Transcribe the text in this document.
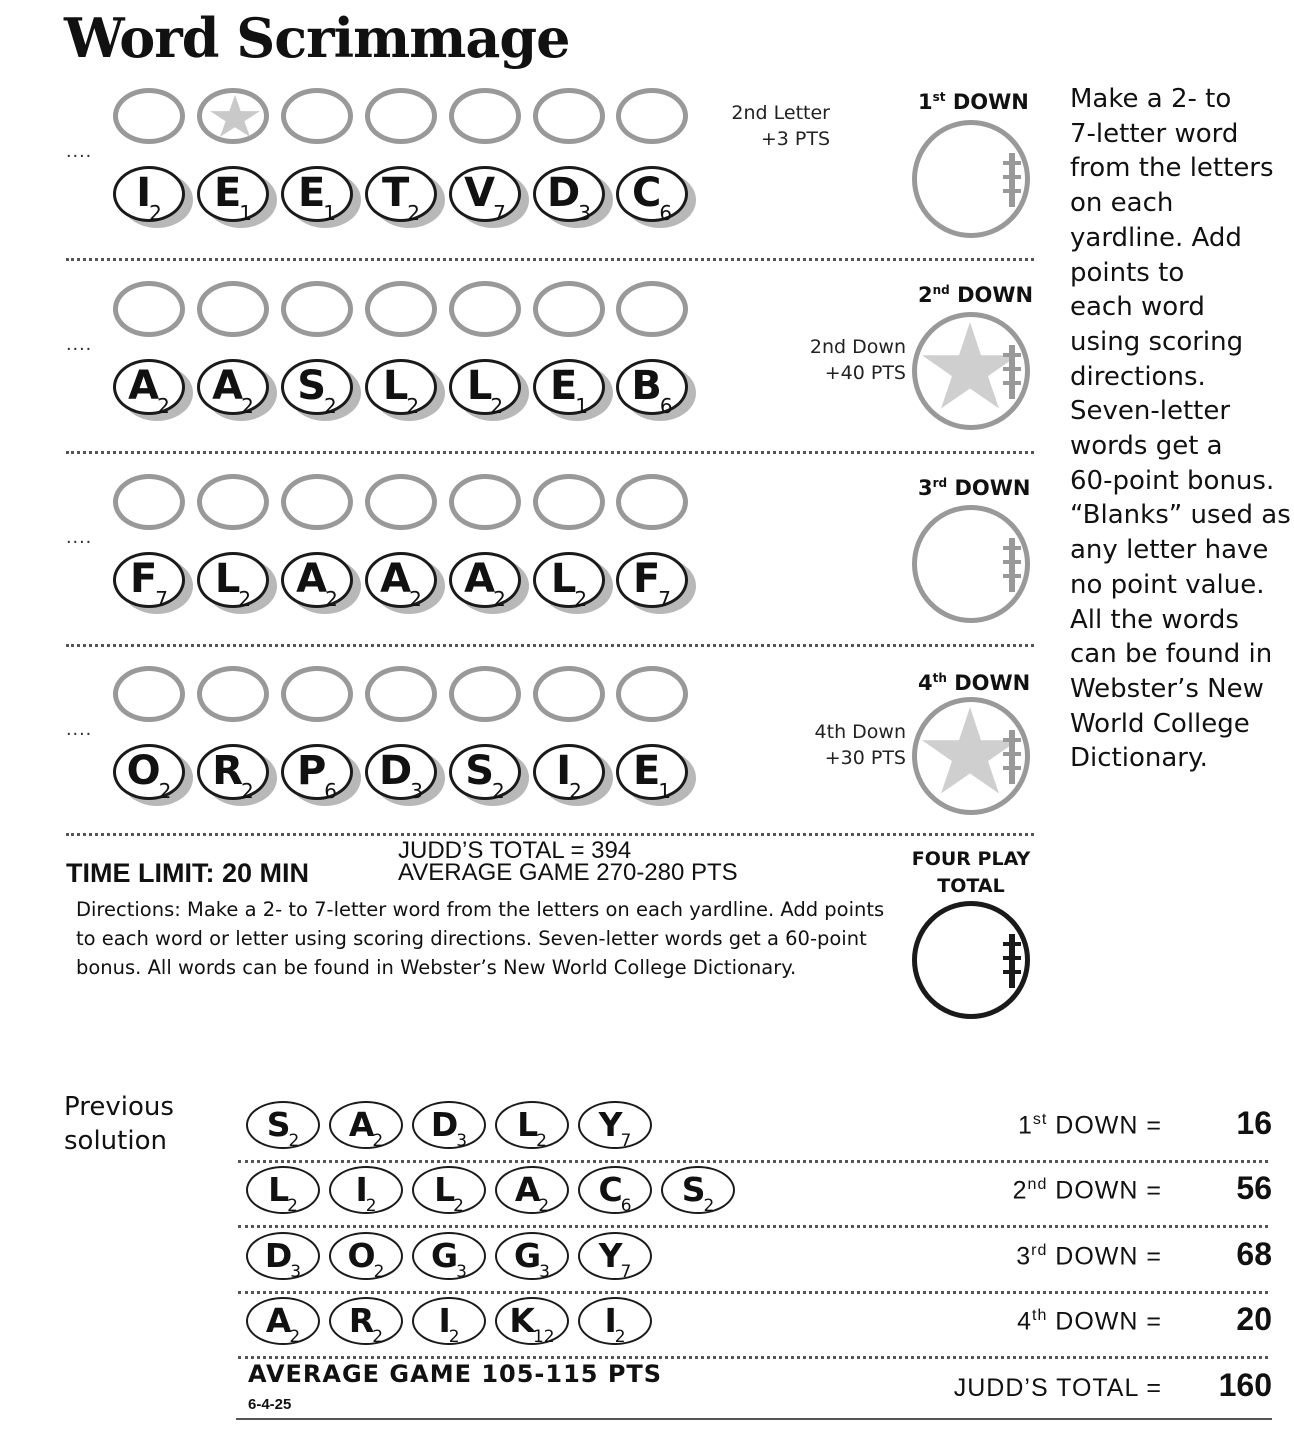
Word Scrimmage
....
$I_2$	$E_1$	$E_1$	$T_2$	$V_7$	$D_3$	$C_6$
1st DOWN
2nd Letter
+3 PTS
....
$A_2$	$A_2$	$S_2$	$L_2$	$L_2$	$E_1$	$B_6$
2nd DOWN
2nd Down
+40 PTS
....
$F_7$	$L_2$	$A_2$	$A_2$	$A_2$	$L_2$	$F_7$
3rd DOWN
....
$O_2$	$R_2$	$P_6$	$D_3$	$S_2$	$I_2$	$E_1$
4th DOWN
4th Down
+30 PTS
Make a 2- to
7-letter word
from the letters
on each
yardline. Add
points to
each word
using scoring
directions.
Seven-letter
words get a
60-point bonus.
“Blanks” used as
any letter have
no point value.
All the words
can be found in
Webster’s New
World College
Dictionary.
TIME LIMIT: 20 MIN
JUDD’S TOTAL = 394
AVERAGE GAME 270-280 PTS
Directions: Make a 2- to 7-letter word from the letters on each yardline. Add points
to each word or letter using scoring directions. Seven-letter words get a 60-point
bonus. All words can be found in Webster’s New World College Dictionary.
FOUR PLAY
TOTAL
Previous
solution	$S_2$	$A_2$	$D_3$	$L_2$	$Y_7$
1st DOWN =	16
$L_2$	$I_2$	$L_2$	$A_2$	$C_6$	$S_2$
2nd DOWN =	56
$D_3$	$O_2$	$G_3$	$G_3$	$Y_7$
3rd DOWN =	68
$A_2$	$R_2$	$I_2$	$K_{12}$	$I_2$
4th DOWN =	20
JUDD’S TOTAL =	160
AVERAGE GAME 105-115 PTS
6-4-25
